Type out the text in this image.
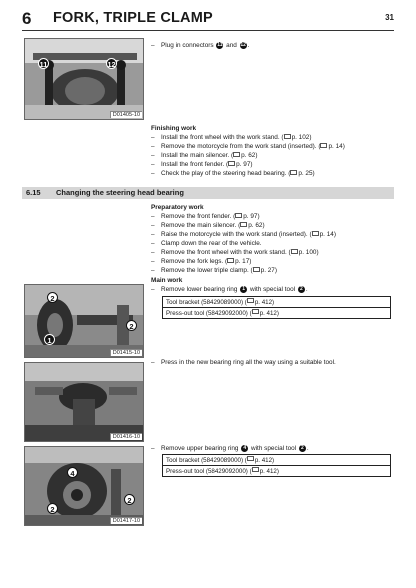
6 FORK, TRIPLE CLAMP	31
11	12
D01405-10
–	Plug in connectors 11 and 12 .
Finishing work
–	Install the front wheel with the work stand. ( p. 102)
–	Remove the motorcycle from the work stand (inserted). ( p. 14)
–	Install the main silencer. ( p. 62)
–	Install the front fender. ( p. 97)
–	Check the play of the steering head bearing. ( p. 25)
6.15 Changing the steering head bearing
Preparatory work
–	Remove the front fender. ( p. 97)
–	Remove the main silencer. ( p. 62)
–	Raise the motorcycle with the work stand (inserted). ( p. 14)
–	Clamp down the rear of the vehicle.
–	Remove the front wheel with the work stand. ( p. 100)
–	Remove the fork legs. ( p. 17)
–	Remove the lower triple clamp. ( p. 27)
Main work
–	Remove lower bearing ring 1 with special tool 2 .
Tool bracket (58429089000) ( p. 412)
Press-out tool (58429092000) ( p. 412)
2
2
1
D01415-10
–	Press in the new bearing ring all the way using a suitable tool.
D01416-10
–	Remove upper bearing ring 4 with special tool 2 .
Tool bracket (58429089000) ( p. 412)
Press-out tool (58429092000) ( p. 412)
4
2
2
D01417-10
